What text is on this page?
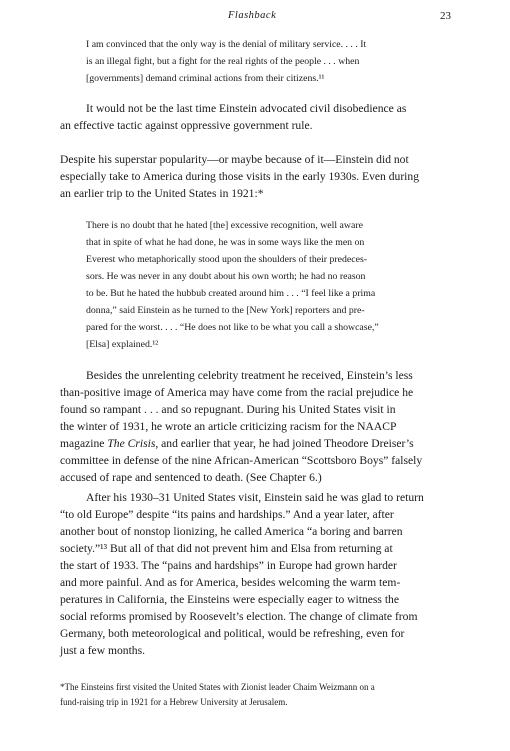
Flashback	23
I am convinced that the only way is the denial of military service. . . . It
is an illegal fight, but a fight for the real rights of the people . . . when
[governments] demand criminal actions from their citizens.¹¹
It would not be the last time Einstein advocated civil disobedience as
an effective tactic against oppressive government rule.
Despite his superstar popularity—or maybe because of it—Einstein did not
especially take to America during those visits in the early 1930s. Even during
an earlier trip to the United States in 1921:*
There is no doubt that he hated [the] excessive recognition, well aware
that in spite of what he had done, he was in some ways like the men on
Everest who metaphorically stood upon the shoulders of their predeces-
sors. He was never in any doubt about his own worth; he had no reason
to be. But he hated the hubbub created around him . . . “I feel like a prima
donna,” said Einstein as he turned to the [New York] reporters and pre-
pared for the worst. . . . “He does not like to be what you call a showcase,”
[Elsa] explained.¹²
Besides the unrelenting celebrity treatment he received, Einstein’s less
than-positive image of America may have come from the racial prejudice he
found so rampant . . . and so repugnant. During his United States visit in
the winter of 1931, he wrote an article criticizing racism for the NAACP
magazine The Crisis, and earlier that year, he had joined Theodore Dreiser’s
committee in defense of the nine African-American “Scottsboro Boys” falsely
accused of rape and sentenced to death. (See Chapter 6.)
After his 1930–31 United States visit, Einstein said he was glad to return
“to old Europe” despite “its pains and hardships.” And a year later, after
another bout of nonstop lionizing, he called America “a boring and barren
society.”¹³ But all of that did not prevent him and Elsa from returning at
the start of 1933. The “pains and hardships” in Europe had grown harder
and more painful. And as for America, besides welcoming the warm tem-
peratures in California, the Einsteins were especially eager to witness the
social reforms promised by Roosevelt’s election. The change of climate from
Germany, both meteorological and political, would be refreshing, even for
just a few months.
*The Einsteins first visited the United States with Zionist leader Chaim Weizmann on a
fund-raising trip in 1921 for a Hebrew University at Jerusalem.
